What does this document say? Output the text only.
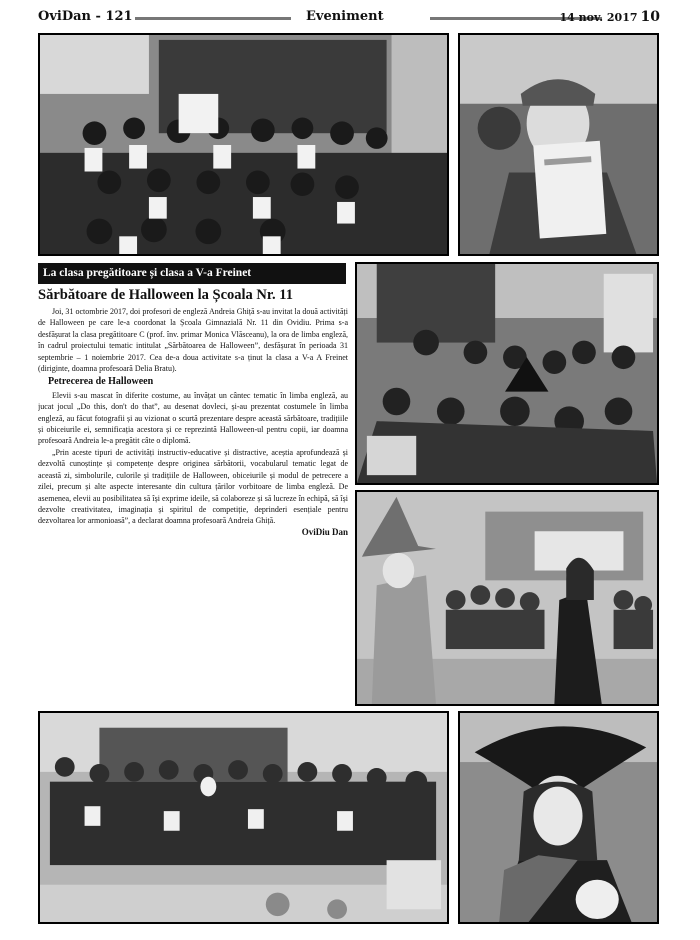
OviDan - 121	Eveniment	14 nov. 2017 10
La clasa pregătitoare și clasa a V-a Freinet
Sărbătoare de Halloween la Școala Nr. 11

Joi, 31 octombrie 2017, doi profesori de engleză Andreia Ghiță s-au invitat la două activități de Halloween pe care le-a coordonat la Școala Gimnazială Nr. 11 din Ovidiu. Prima s-a desfășurat la clasa pregătitoare C (prof. înv. primar Monica Vlăsceanu), la ora de limba engleză, în cadrul proiectului tematic intitulat „Sărbătoarea de Halloween”, desfășurat în perioada 31 septembrie – 1 noiembrie 2017. Cea de-a doua activitate s-a ținut la clasa a V-a A Freinet (diriginte, doamna profesoară Delia Bratu).

Petrecerea de Halloween

Elevii s-au mascat în diferite costume, au învățat un cântec tematic în limba engleză, au jucat jocul „Do this, don't do that”, au desenat dovleci, și-au prezentat costumele în limba engleză, au făcut fotografii și au vizionat o scurtă prezentare despre această sărbătoare, tradițiile și obiceiurile ei, semnificația acestora și ce reprezintă Halloween-ul pentru copii, iar doamna profesoară Andreia le-a pregătit câte o diplomă.

„Prin aceste tipuri de activități instructiv-educative și distractive, aceștia aprofundează și dezvoltă cunoștințe și competențe despre originea sărbătorii, vocabularul tematic legat de această zi, simbolurile, culorile și tradițiile de Halloween, obiceiurile și modul de petrecere a zilei, precum și alte aspecte interesante din cultura țărilor vorbitoare de limba engleză. De asemenea, elevii au posibilitatea să își exprime ideile, să colaboreze și să lucreze în echipă, să își dezvolte creativitatea, imaginația și spiritul de competiție, deprinderi esențiale pentru dezvoltarea lor armonioasă”, a declarat doamna profesoară Andreia Ghiță.

OviDiu Dan
